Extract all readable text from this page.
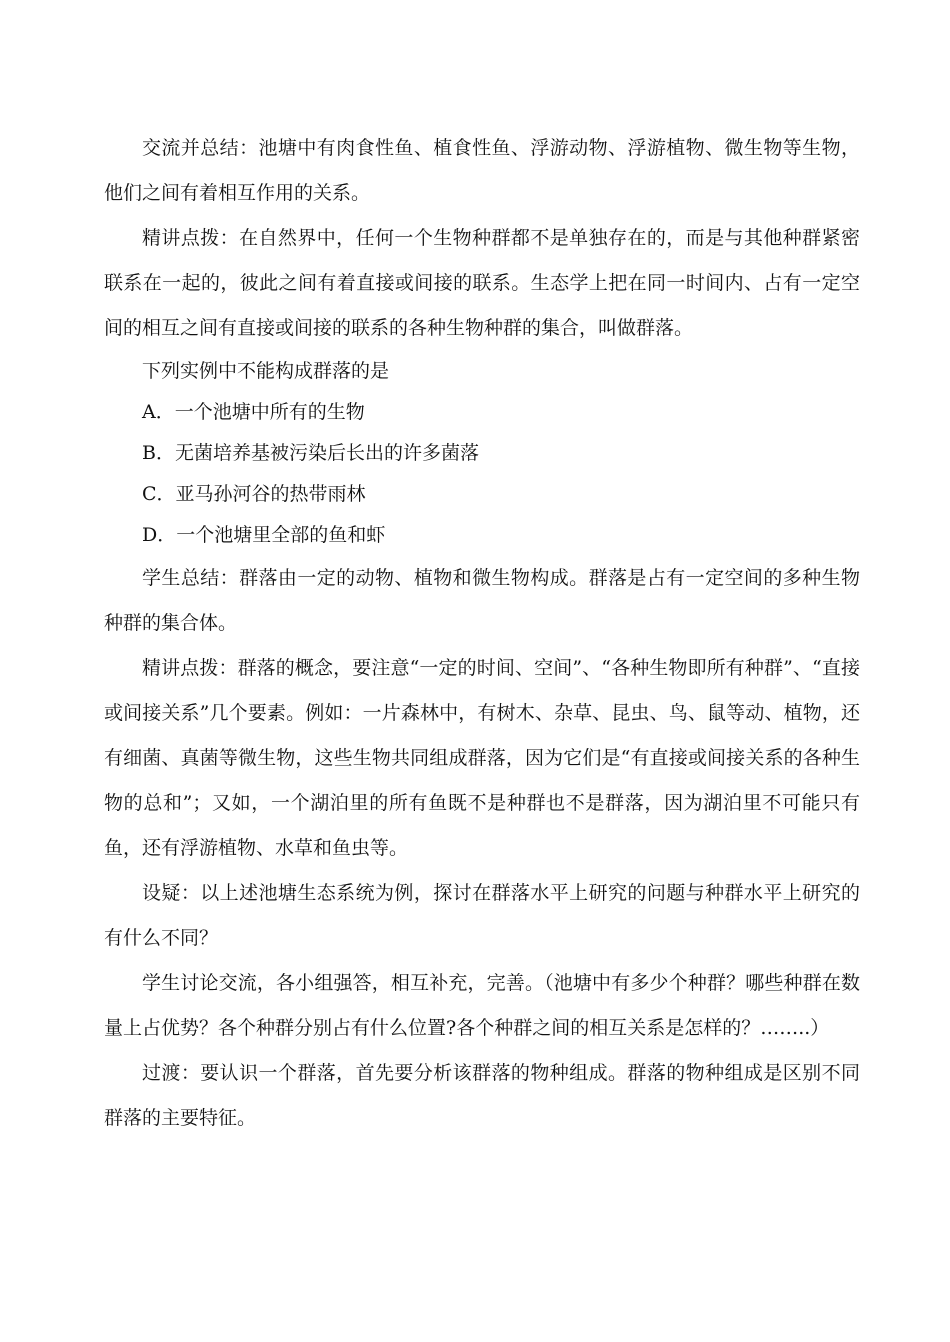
交流并总结：池塘中有肉食性鱼、植食性鱼、浮游动物、浮游植物、微生物等生物，他们之间有着相互作用的关系。

精讲点拨：在自然界中，任何一个生物种群都不是单独存在的，而是与其他种群紧密联系在一起的，彼此之间有着直接或间接的联系。生态学上把在同一时间内、占有一定空间的相互之间有直接或间接的联系的各种生物种群的集合，叫做群落。

下列实例中不能构成群落的是

A．一个池塘中所有的生物

B．无菌培养基被污染后长出的许多菌落

C．亚马孙河谷的热带雨林

D．一个池塘里全部的鱼和虾

学生总结：群落由一定的动物、植物和微生物构成。群落是占有一定空间的多种生物种群的集合体。

精讲点拨：群落的概念，要注意“一定的时间、空间”、“各种生物即所有种群”、“直接或间接关系”几个要素。例如：一片森林中，有树木、杂草、昆虫、鸟、鼠等动、植物，还有细菌、真菌等微生物，这些生物共同组成群落，因为它们是“有直接或间接关系的各种生物的总和”；又如，一个湖泊里的所有鱼既不是种群也不是群落，因为湖泊里不可能只有鱼，还有浮游植物、水草和鱼虫等。

设疑：以上述池塘生态系统为例，探讨在群落水平上研究的问题与种群水平上研究的有什么不同？

学生讨论交流，各小组强答，相互补充，完善。（池塘中有多少个种群？哪些种群在数量上占优势？各个种群分别占有什么位置?各个种群之间的相互关系是怎样的？……..）

过渡：要认识一个群落，首先要分析该群落的物种组成。群落的物种组成是区别不同群落的主要特征。
